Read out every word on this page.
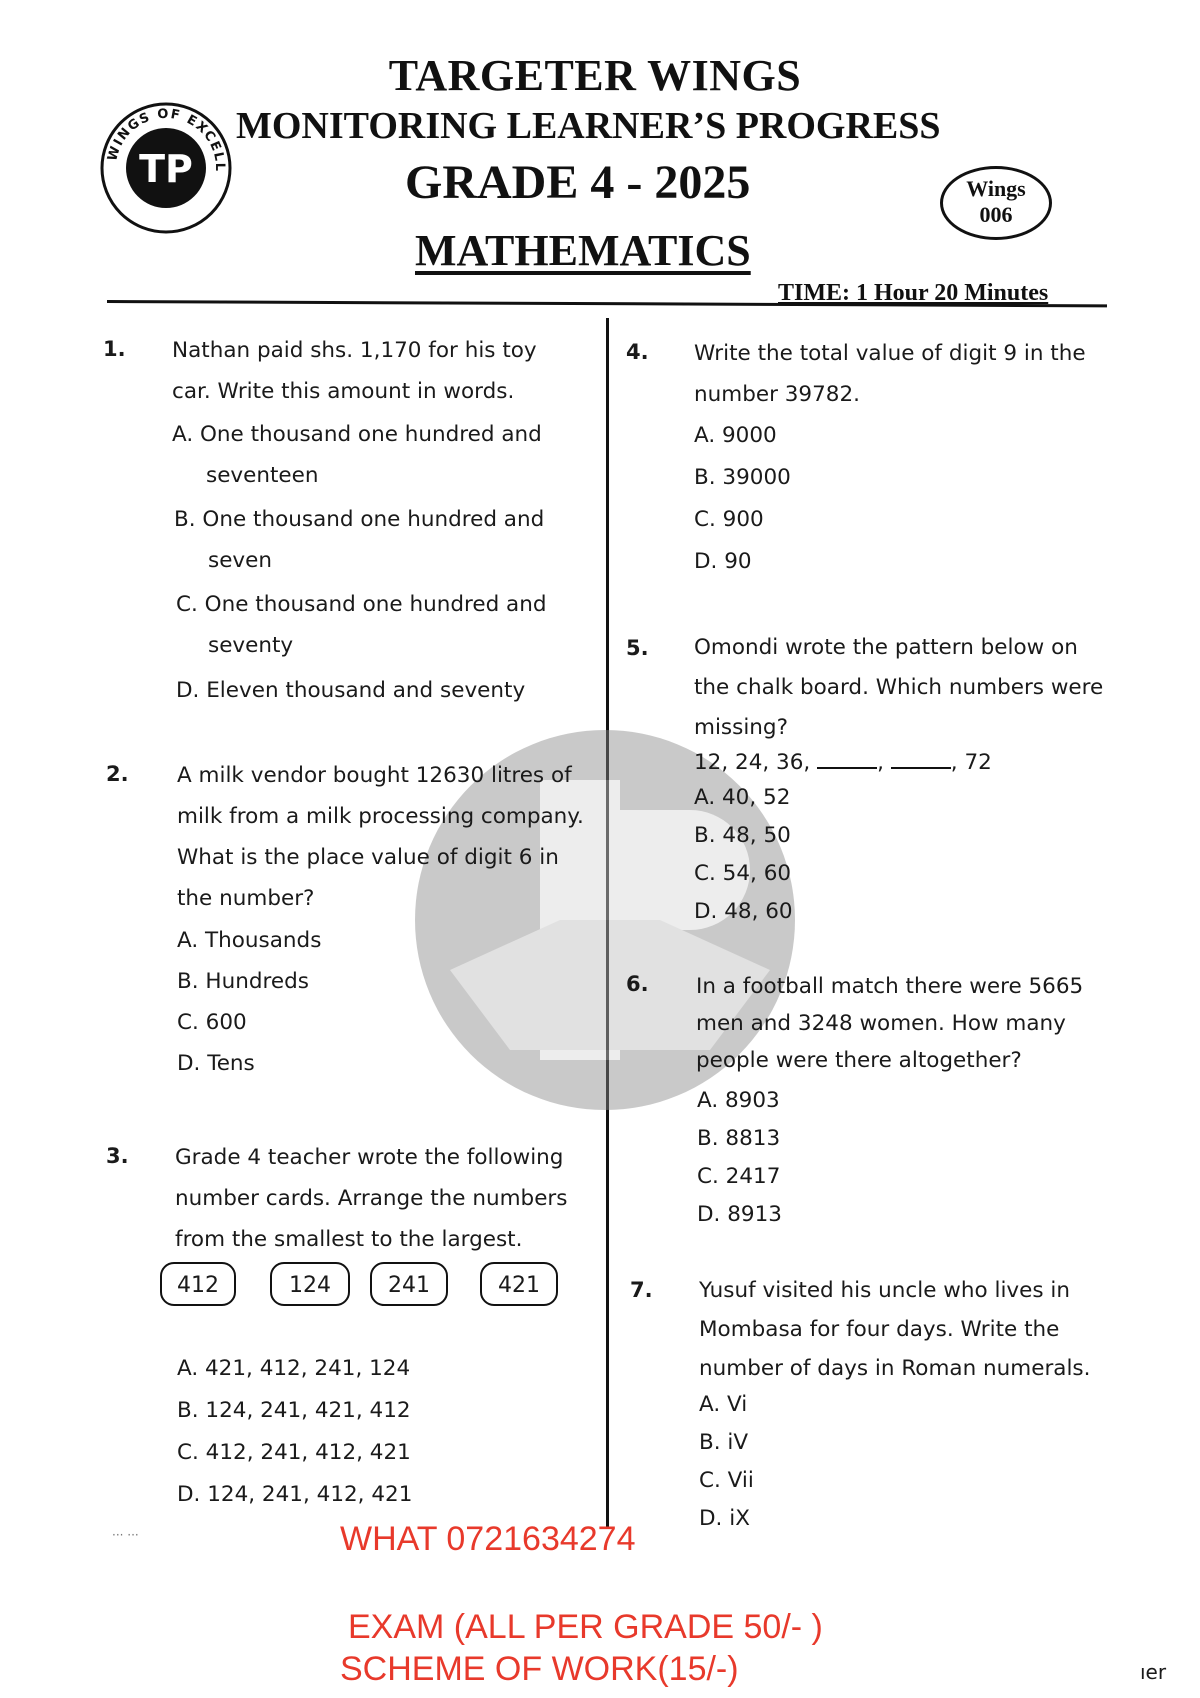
WINGS OF EXCELL
TP
TARGETER WINGS
MONITORING LEARNER’S PROGRESS
GRADE 4 - 2025
MATHEMATICS
Wings
006
TIME: 1 Hour 20 Minutes
1. Nathan paid shs. 1,170 for his toy
car. Write this amount in words.
A. One thousand one hundred and
seventeen
B. One thousand one hundred and
seven
C. One thousand one hundred and
seventy
D. Eleven thousand and seventy
2. A milk vendor bought 12630 litres of
milk from a milk processing company.
What is the place value of digit 6 in
the number?
A. Thousands
B. Hundreds
C. 600
D. Tens
3. Grade 4 teacher wrote the following
number cards. Arrange the numbers
from the smallest to the largest.
412	124	241	421
A. 421, 412, 241, 124
B. 124, 241, 421, 412
C. 412, 241, 412, 421
D. 124, 241, 412, 421
4. Write the total value of digit 9 in the
number 39782.
A. 9000
B. 39000
C. 900
D. 90
5. Omondi wrote the pattern below on
the chalk board. Which numbers were
missing?
12, 24, 36,	,	, 72
A. 40, 52
B. 48, 50
C. 54, 60
D. 48, 60
6. In a football match there were 5665
men and 3248 women. How many
people were there altogether?
A. 8903
B. 8813
C. 2417
D. 8913
7. Yusuf visited his uncle who lives in
Mombasa for four days. Write the
number of days in Roman numerals.
A. Vi
B. iV
C. Vii
D. iX
··· ···	WHAT 0721634274
EXAM (ALL PER GRADE 50/- )
SCHEME OF WORK(15/-)	ıer
